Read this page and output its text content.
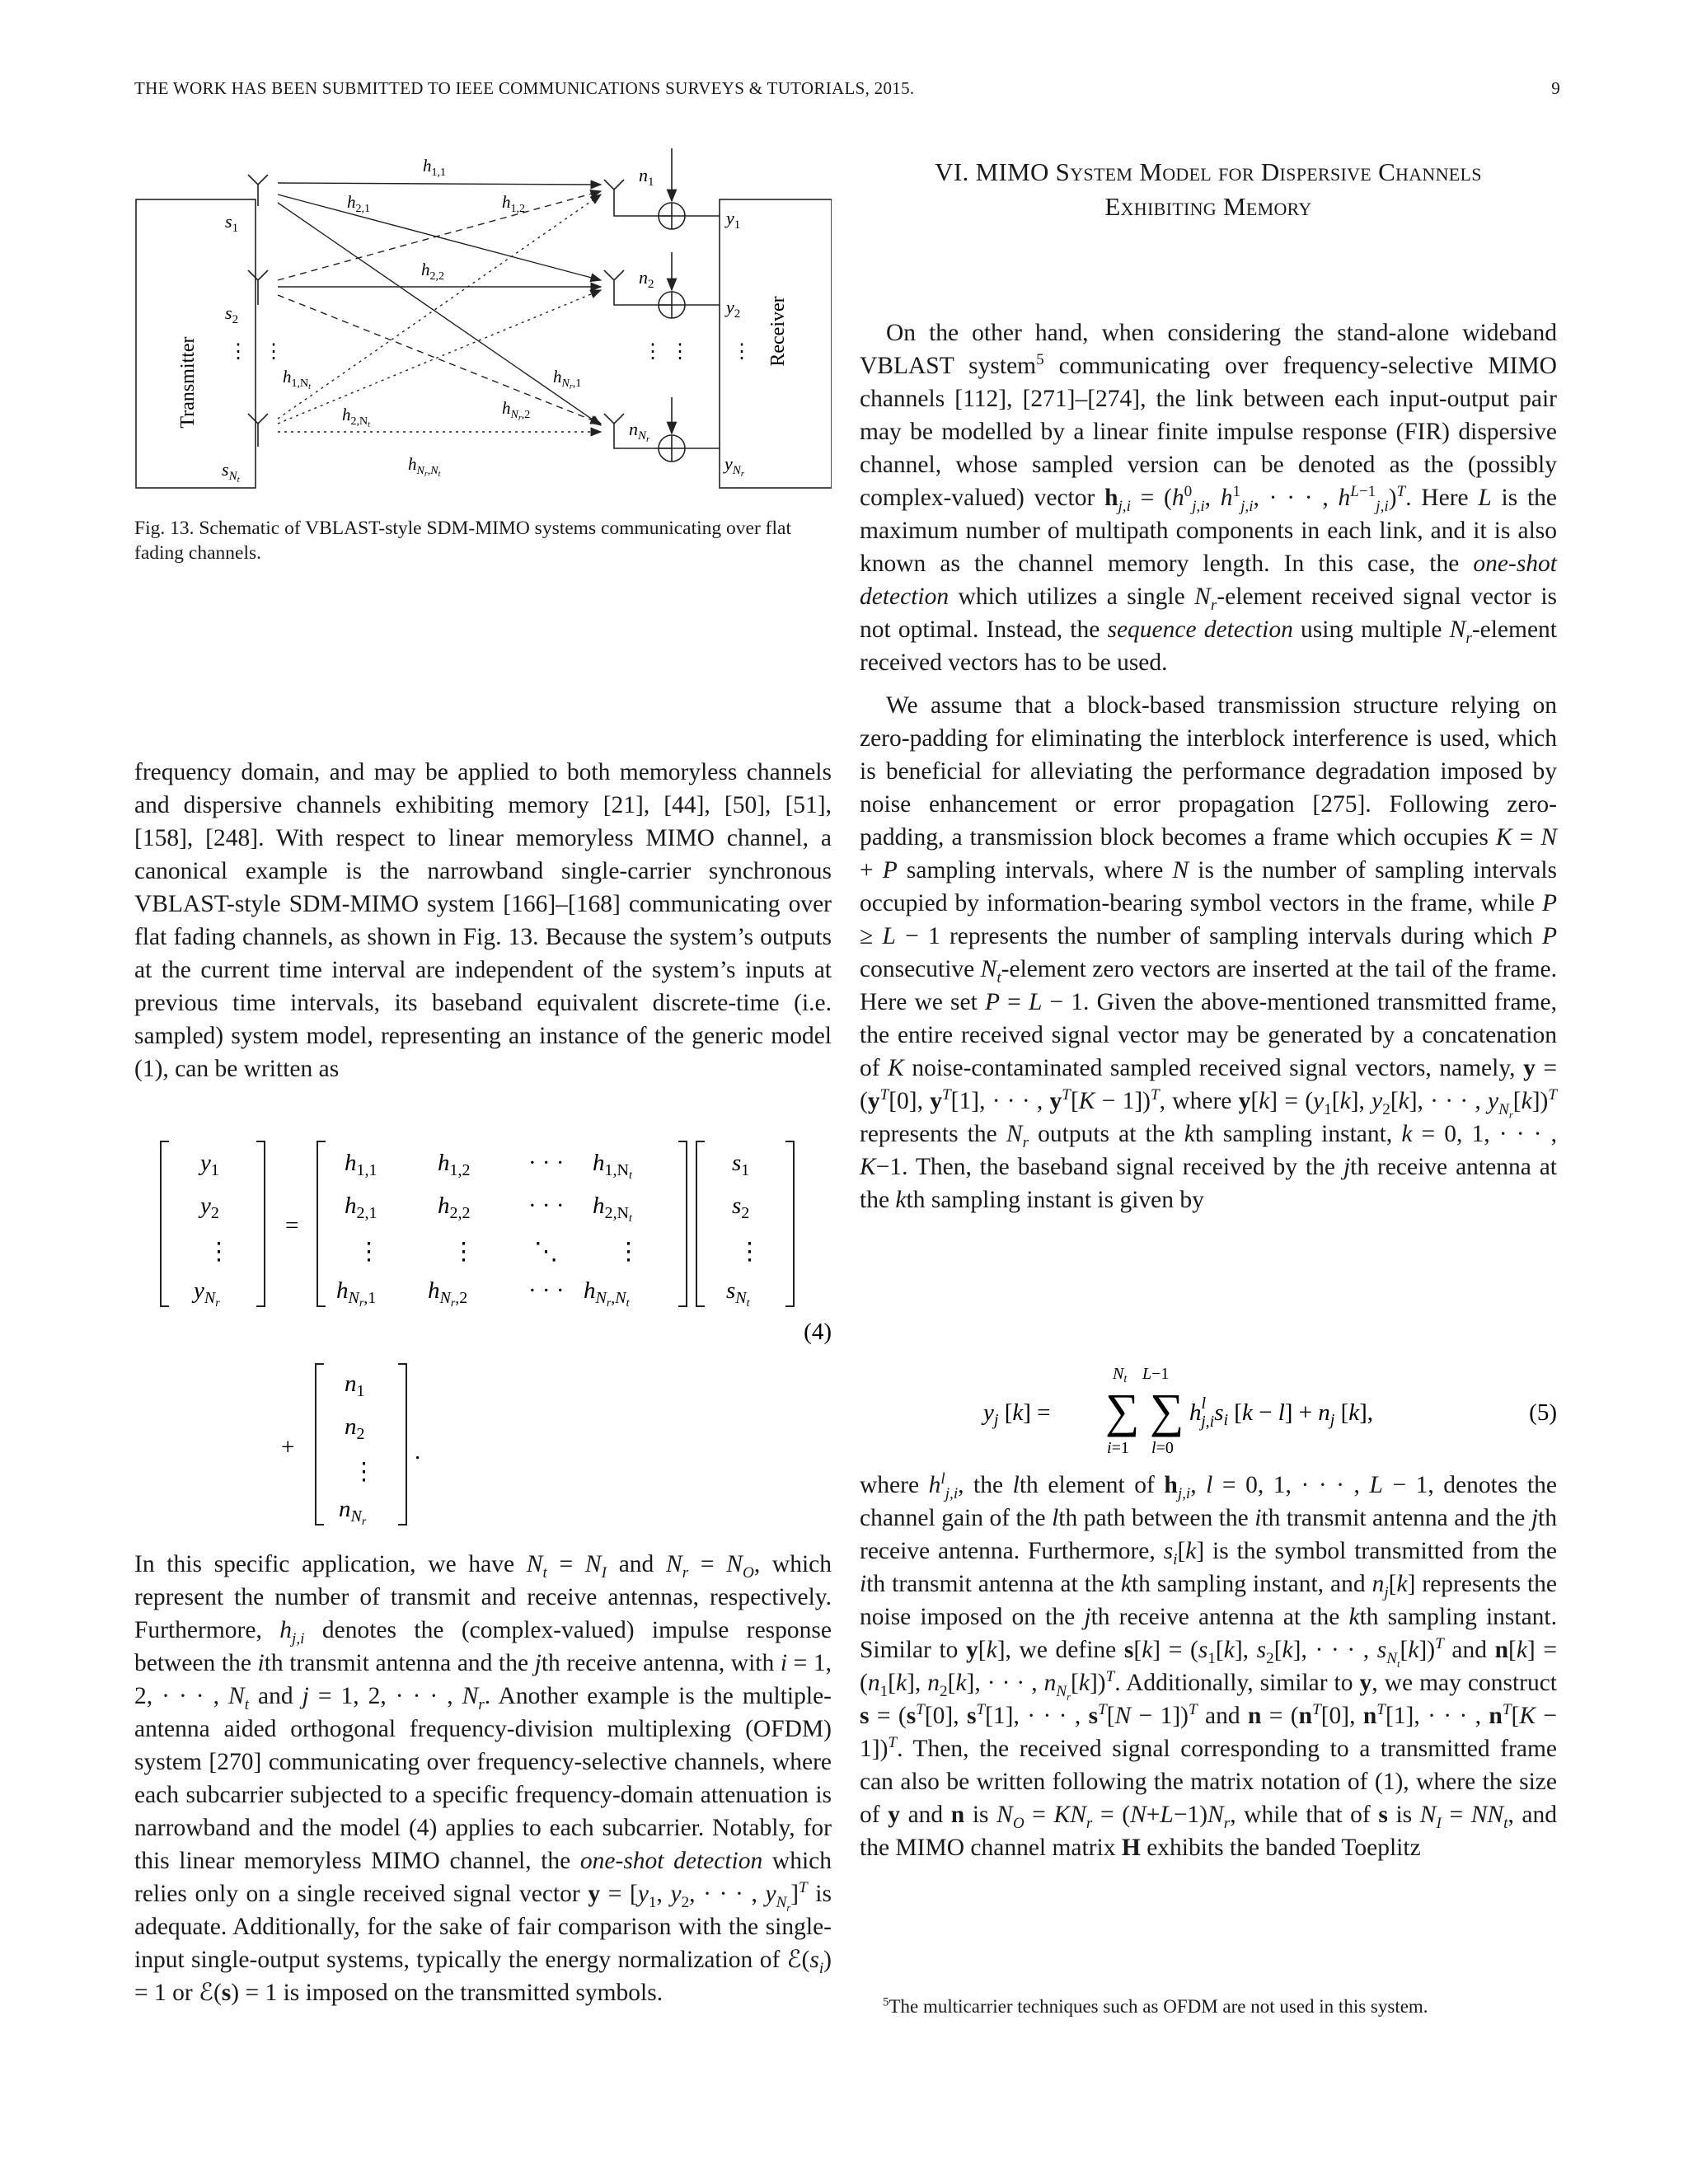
THE WORK HAS BEEN SUBMITTED TO IEEE COMMUNICATIONS SURVEYS & TUTORIALS, 2015.	9
Transmitter
Receiver
$s_1$
$s_2$
⋮ ⋮
$s_Nt$
$n_1$
$n_2$
$n_Nr$
$y_1$
$y_2$
$y_Nr$
⋮ ⋮ ⋮
$h_{1,1}$
$h_{2,1}$	$h_{1,2}$
$h_{2,2}$
$h_{1,N}t$
$h_Nr,1$
$h_{2,N}t$
$h_Nr,2$
$h_Nr,Nt$
Fig. 13. Schematic of VBLAST-style SDM-MIMO systems communicating over flat fading channels.
VI. MIMO System Model for Dispersive Channels
Exhibiting Memory

frequency domain, and may be applied to both memoryless channels and dispersive channels exhibiting memory [21], [44], [50], [51], [158], [248]. With respect to linear memoryless MIMO channel, a canonical example is the narrowband single-carrier synchronous VBLAST-style SDM-MIMO system [166]–[168] communicating over flat fading channels, as shown in Fig. 13. Because the system’s outputs at the current time interval are independent of the system’s inputs at previous time intervals, its baseband equivalent discrete-time (i.e. sampled) system model, representing an instance of the generic model (1), can be written as

$y_1$
$y_2$
⋮
$y_Nr$
=
$h_{1,1}$	$h_{1,2}$ · · · $h_{1,N}t$
$h_{2,1}$	$h_{2,2}$ · · · $h_{2,N}t$
⋮	⋮ ⋱ ⋮
$h_Nr,1$ $h_Nr,2$	· · · $h_Nr,Nt$
$s_1$
$s_2$
⋮
$s_Nt$
+
$n_1$
$n_2$
⋮
$n_Nr$
.
(4)

In this specific application, we have $N_t = N_I$ and $N_r = N_O$, which represent the number of transmit and receive antennas, respectively. Furthermore, $h_{j,i}$ denotes the (complex-valued) impulse response between the ith transmit antenna and the jth receive antenna, with i = 1, 2, · · · , $N_t$ and j = 1, 2, · · · , $N_r$. Another example is the multiple-antenna aided orthogonal frequency-division multiplexing (OFDM) system [270] communicating over frequency-selective channels, where each subcarrier subjected to a specific frequency-domain attenuation is narrowband and the model (4) applies to each subcarrier. Notably, for this linear memoryless MIMO channel, the one-shot detection which relies only on a single received signal vector $y = [y_1$, $y_2$, · · · , $y_{N_r}]^T$ is adequate. Additionally, for the sake of fair comparison with the single-input single-output systems, typically the energy normalization of $ℰ(s_i) = 1$ or ℰ(s) = 1 is imposed on the transmitted symbols.

On the other hand, when considering the stand-alone wideband VBLAST system$^5$ communicating over frequency-selective MIMO channels [112], [271]–[274], the link between each input-output pair may be modelled by a linear finite impulse response (FIR) dispersive channel, whose sampled version can be denoted as the (possibly complex-valued) vector $h_{j,i} = (h^0_{j,i}$, $h^1_{j,i}$, · · · , $h^{L-1}_{j,i})^T$. Here L is the maximum number of multipath components in each link, and it is also known as the channel memory length. In this case, the one-shot detection which utilizes a single $N_r$-element received signal vector is not optimal. Instead, the sequence detection using multiple $N_r$-element received vectors has to be used.

We assume that a block-based transmission structure relying on zero-padding for eliminating the interblock interference is used, which is beneficial for alleviating the performance degradation imposed by noise enhancement or error propagation [275]. Following zero-padding, a transmission block becomes a frame which occupies K = N + P sampling intervals, where N is the number of sampling intervals occupied by information-bearing symbol vectors in the frame, while P ≥ L − 1 represents the number of sampling intervals during which P consecutive $N_t$-element zero vectors are inserted at the tail of the frame. Here we set P = L − 1. Given the above-mentioned transmitted frame, the entire received signal vector may be generated by a concatenation of K noise-contaminated sampled received signal vectors, namely, $y = (y^T[0]$, $y^T[1]$, · · · , $y^T[K - 1])^T$, where $y[k] = (y_1[k]$, $y_2[k]$, · · · , $y_{N_r}[k])^T$ represents the $N_r$ outputs at the kth sampling instant, k = 0, 1, · · · , K−1. Then, the baseband signal received by the jth receive antenna at the kth sampling instant is given by

$y_j$ [k] = ∑
$N_t$
i=1
∑
L−1
l=0
$h^l$ $j,is_i$ $[k - l] + n_j$ [k],	(5)

where $h^l_{j,i}$, the lth element of $h_{j,i}$, l = 0, 1, · · · , L − 1, denotes the channel gain of the lth path between the ith transmit antenna and the jth receive antenna. Furthermore, $s_i[k]$ is the symbol transmitted from the ith transmit antenna at the kth sampling instant, and $n_j[k]$ represents the noise imposed on the jth receive antenna at the kth sampling instant. Similar to y[k], we define $s[k] = (s_1[k]$, $s_2[k]$, · · · , $s_{N_t}[k])^T$ and $n[k] = (n_1[k]$, $n_2[k]$, · · · , $n_{N_r}[k])^T$. Additionally, similar to y, we may construct $s = (s^T[0]$, $s^T[1]$, · · · , $s^T[N - 1])^T$ and $n = (n^T[0]$, $n^T[1]$, · · · , $n^T[K - 1])^T$. Then, the received signal corresponding to a transmitted frame can also be written following the matrix notation of (1), where the size of y and n is $N_O = KN_r = (N+L-1)N_r$, while that of s is $N_I = NN_t$, and the MIMO channel matrix H exhibits the banded Toeplitz

$^5$The multicarrier techniques such as OFDM are not used in this system.
